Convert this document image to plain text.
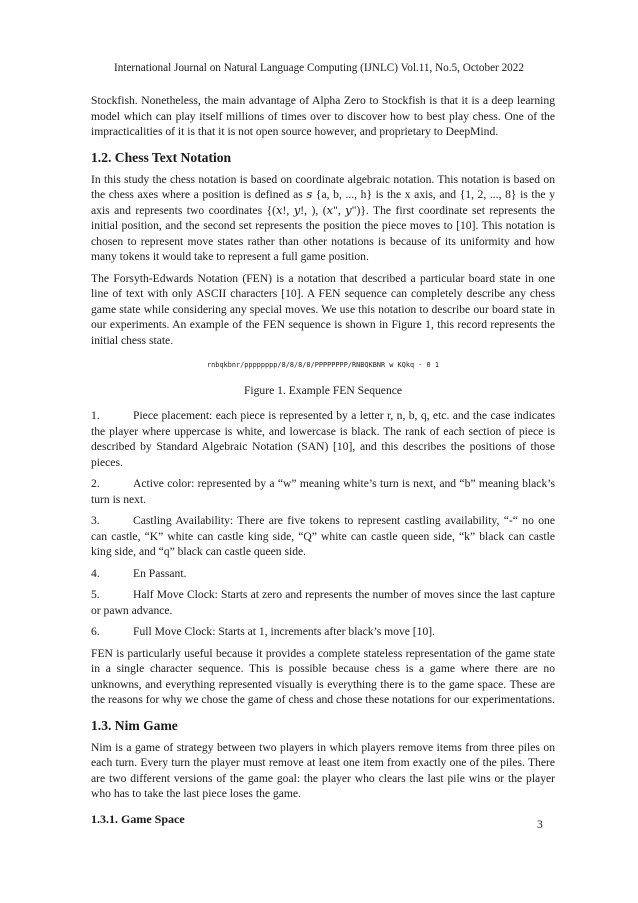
International Journal on Natural Language Computing (IJNLC) Vol.11, No.5, October 2022

Stockfish. Nonetheless, the main advantage of Alpha Zero to Stockfish is that it is a deep learning model which can play itself millions of times over to discover how to best play chess. One of the impracticalities of it is that it is not open source however, and proprietary to DeepMind.

1.2. Chess Text Notation

In this study the chess notation is based on coordinate algebraic notation. This notation is based on the chess axes where a position is defined as 𝑠 {a, b, ..., h} is the x axis, and {1, 2, ..., 8} is the y axis and represents two coordinates {(𝑥!, 𝑦!, ), (𝑥", 𝑦")}. The first coordinate set represents the initial position, and the second set represents the position the piece moves to [10]. This notation is chosen to represent move states rather than other notations is because of its uniformity and how many tokens it would take to represent a full game position.

The Forsyth-Edwards Notation (FEN) is a notation that described a particular board state in one line of text with only ASCII characters [10]. A FEN sequence can completely describe any chess game state while considering any special moves. We use this notation to describe our board state in our experiments. An example of the FEN sequence is shown in Figure 1, this record represents the initial chess state.

rnbqkbnr/pppppppp/8/8/8/8/PPPPPPPP/RNBQKBNR w KQkq - 0 1
Figure 1. Example FEN Sequence
1.	Piece placement: each piece is represented by a letter r, n, b, q, etc. and the case indicates the player where uppercase is white, and lowercase is black. The rank of each section of piece is described by Standard Algebraic Notation (SAN) [10], and this describes the positions of those pieces.
2.	Active color: represented by a “w” meaning white’s turn is next, and “b” meaning black’s turn is next.
3.	Castling Availability: There are five tokens to represent castling availability, “-“ no one can castle, “K” white can castle king side, “Q” white can castle queen side, “k” black can castle king side, and “q” black can castle queen side.
4.	En Passant.
5.	Half Move Clock: Starts at zero and represents the number of moves since the last capture or pawn advance.
6.	Full Move Clock: Starts at 1, increments after black’s move [10].

FEN is particularly useful because it provides a complete stateless representation of the game state in a single character sequence. This is possible because chess is a game where there are no unknowns, and everything represented visually is everything there is to the game space. These are the reasons for why we chose the game of chess and chose these notations for our experimentations.

1.3. Nim Game

Nim is a game of strategy between two players in which players remove items from three piles on each turn. Every turn the player must remove at least one item from exactly one of the piles. There are two different versions of the game goal: the player who clears the last pile wins or the player who has to take the last piece loses the game.

1.3.1. Game Space	3
